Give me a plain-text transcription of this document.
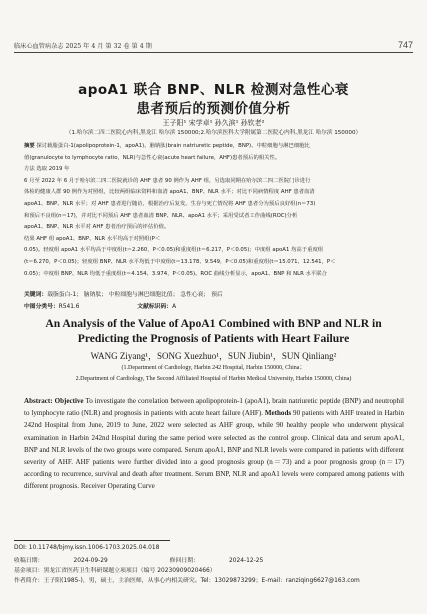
临床心血管病杂志 2025 年 4 月 第 32 卷 第 4 期	747
apoA1 联合 BNP、NLR 检测对急性心衰
患者预后的预测价值分析
王子阳¹ 宋学卓¹ 孙久滨¹ 孙钦老²
（1.哈尔滨二四二医院心内科,黑龙江 哈尔滨 150000;2.哈尔滨医科大学附属第二医院心内科,黑龙江 哈尔滨 150000）
摘要 探讨载脂蛋白-1(apolipoprotein-1，apoA1)、脑钠肽(brain natriuretic peptide，BNP)、中粒细胞与淋巴细胞比
值(granulocyte to lymphocyte ratio，NLR)与急性心衰(acute heart failure，AHF)患者预后的相关性。
方法 选取 2019 年
6 月至 2022 年 6 月于哈尔滨二四二医院就诊的 AHF 患者 90 例作为 AHF 组，另选取同期在哈尔滨二四二医院门诊进行
体检的健康人群 90 例作为对照组，比较两组临床资料和血清 apoA1、BNP、NLR 水平；对比不同病情程度 AHF 患者血清
apoA1、BNP、NLR 水平；对 AHF 患者进行随访，根据治疗后复发、生存与死亡情况将 AHF 患者分为预后良好组(n＝73)
和预后不良组(n＝17)，并对比不同预后 AHF 患者血清 BNP、NLR、apoA1 水平；采用受试者工作曲线(ROC)分析
apoA1、BNP、NLR 水平对 AHF 患者治疗预后的评估价值。
结果 AHF 组 apoA1、BNP、NLR 水平均高于对照组(P＜
0.05)。轻度组 apoA1 水平均高于中度组(t＝2.260，P＜0.05)和重度组(t＝6.217，P＜0.05)；中度组 apoA1 均高于重度组
(t＝6.270，P＜0.05)；轻度组 BNP、NLR 水平均低于中度组(t＝13.178、9.549，P＜0.05)和重度组(t＝15.071、12.541，P＜
0.05)；中度组 BNP、NLR 均低于重度组(t＝4.154、3.974，P＜0.05)。ROC 曲线分析显示，apoA1、BNP 和 NLR 水平联合
关键词：载脂蛋白-1； 脑钠肽； 中粒细胞与淋巴细胞比值； 急性心衰； 预后
中图分类号：R541.6	文献标识码：A
An Analysis of the Value of ApoA1 Combined with BNP and NLR in
Predicting the Prognosis of Patients with Heart Failure
WANG Ziyang¹，SONG Xuezhuo¹，SUN Jiubin¹，SUN Qinliang²
(1.Department of Cardiology, Harbin 242 Hospital, Harbin 150000, China；
2.Department of Cardiology, The Second Affiliated Hospital of Harbin Medical University, Harbin 150000, China)
Abstract: Objective To investigate the correlation between apolipoprotein-1 (apoA1), brain natriuretic peptide (BNP) and neutrophil to lymphocyte ratio (NLR) and prognosis in patients with acute heart failure (AHF). Methods 90 patients with AHF treated in Harbin 242nd Hospital from June, 2019 to June, 2022 were selected as AHF group, while 90 healthy people who underwent physical examination in Harbin 242nd Hospital during the same period were selected as the control group. Clinical data and serum apoA1, BNP and NLR levels of the two groups were compared. Serum apoA1, BNP and NLR levels were compared in patients with different severity of AHF. AHF patients were further divided into a good prognosis group (n＝73) and a poor prognosis group (n＝17) according to recurrence, survival and death after treatment. Serum BNP, NLR and apoA1 levels were compared among patients with different prognosis. Receiver Operating Curve
DOI: 10.11748/bjmy.issn.1006-1703.2025.04.018
收稿日期：	2024-09-29	修回日期：	2024-12-25
基金项目：黑龙江省医药卫生科研课题立项项目（编号 20230909020466）
作者简介：王子阳(1985-)，男，硕士，主治医师，从事心内相关研究。Tel：13029873299；E-mail：ranziqing6627@163.com
